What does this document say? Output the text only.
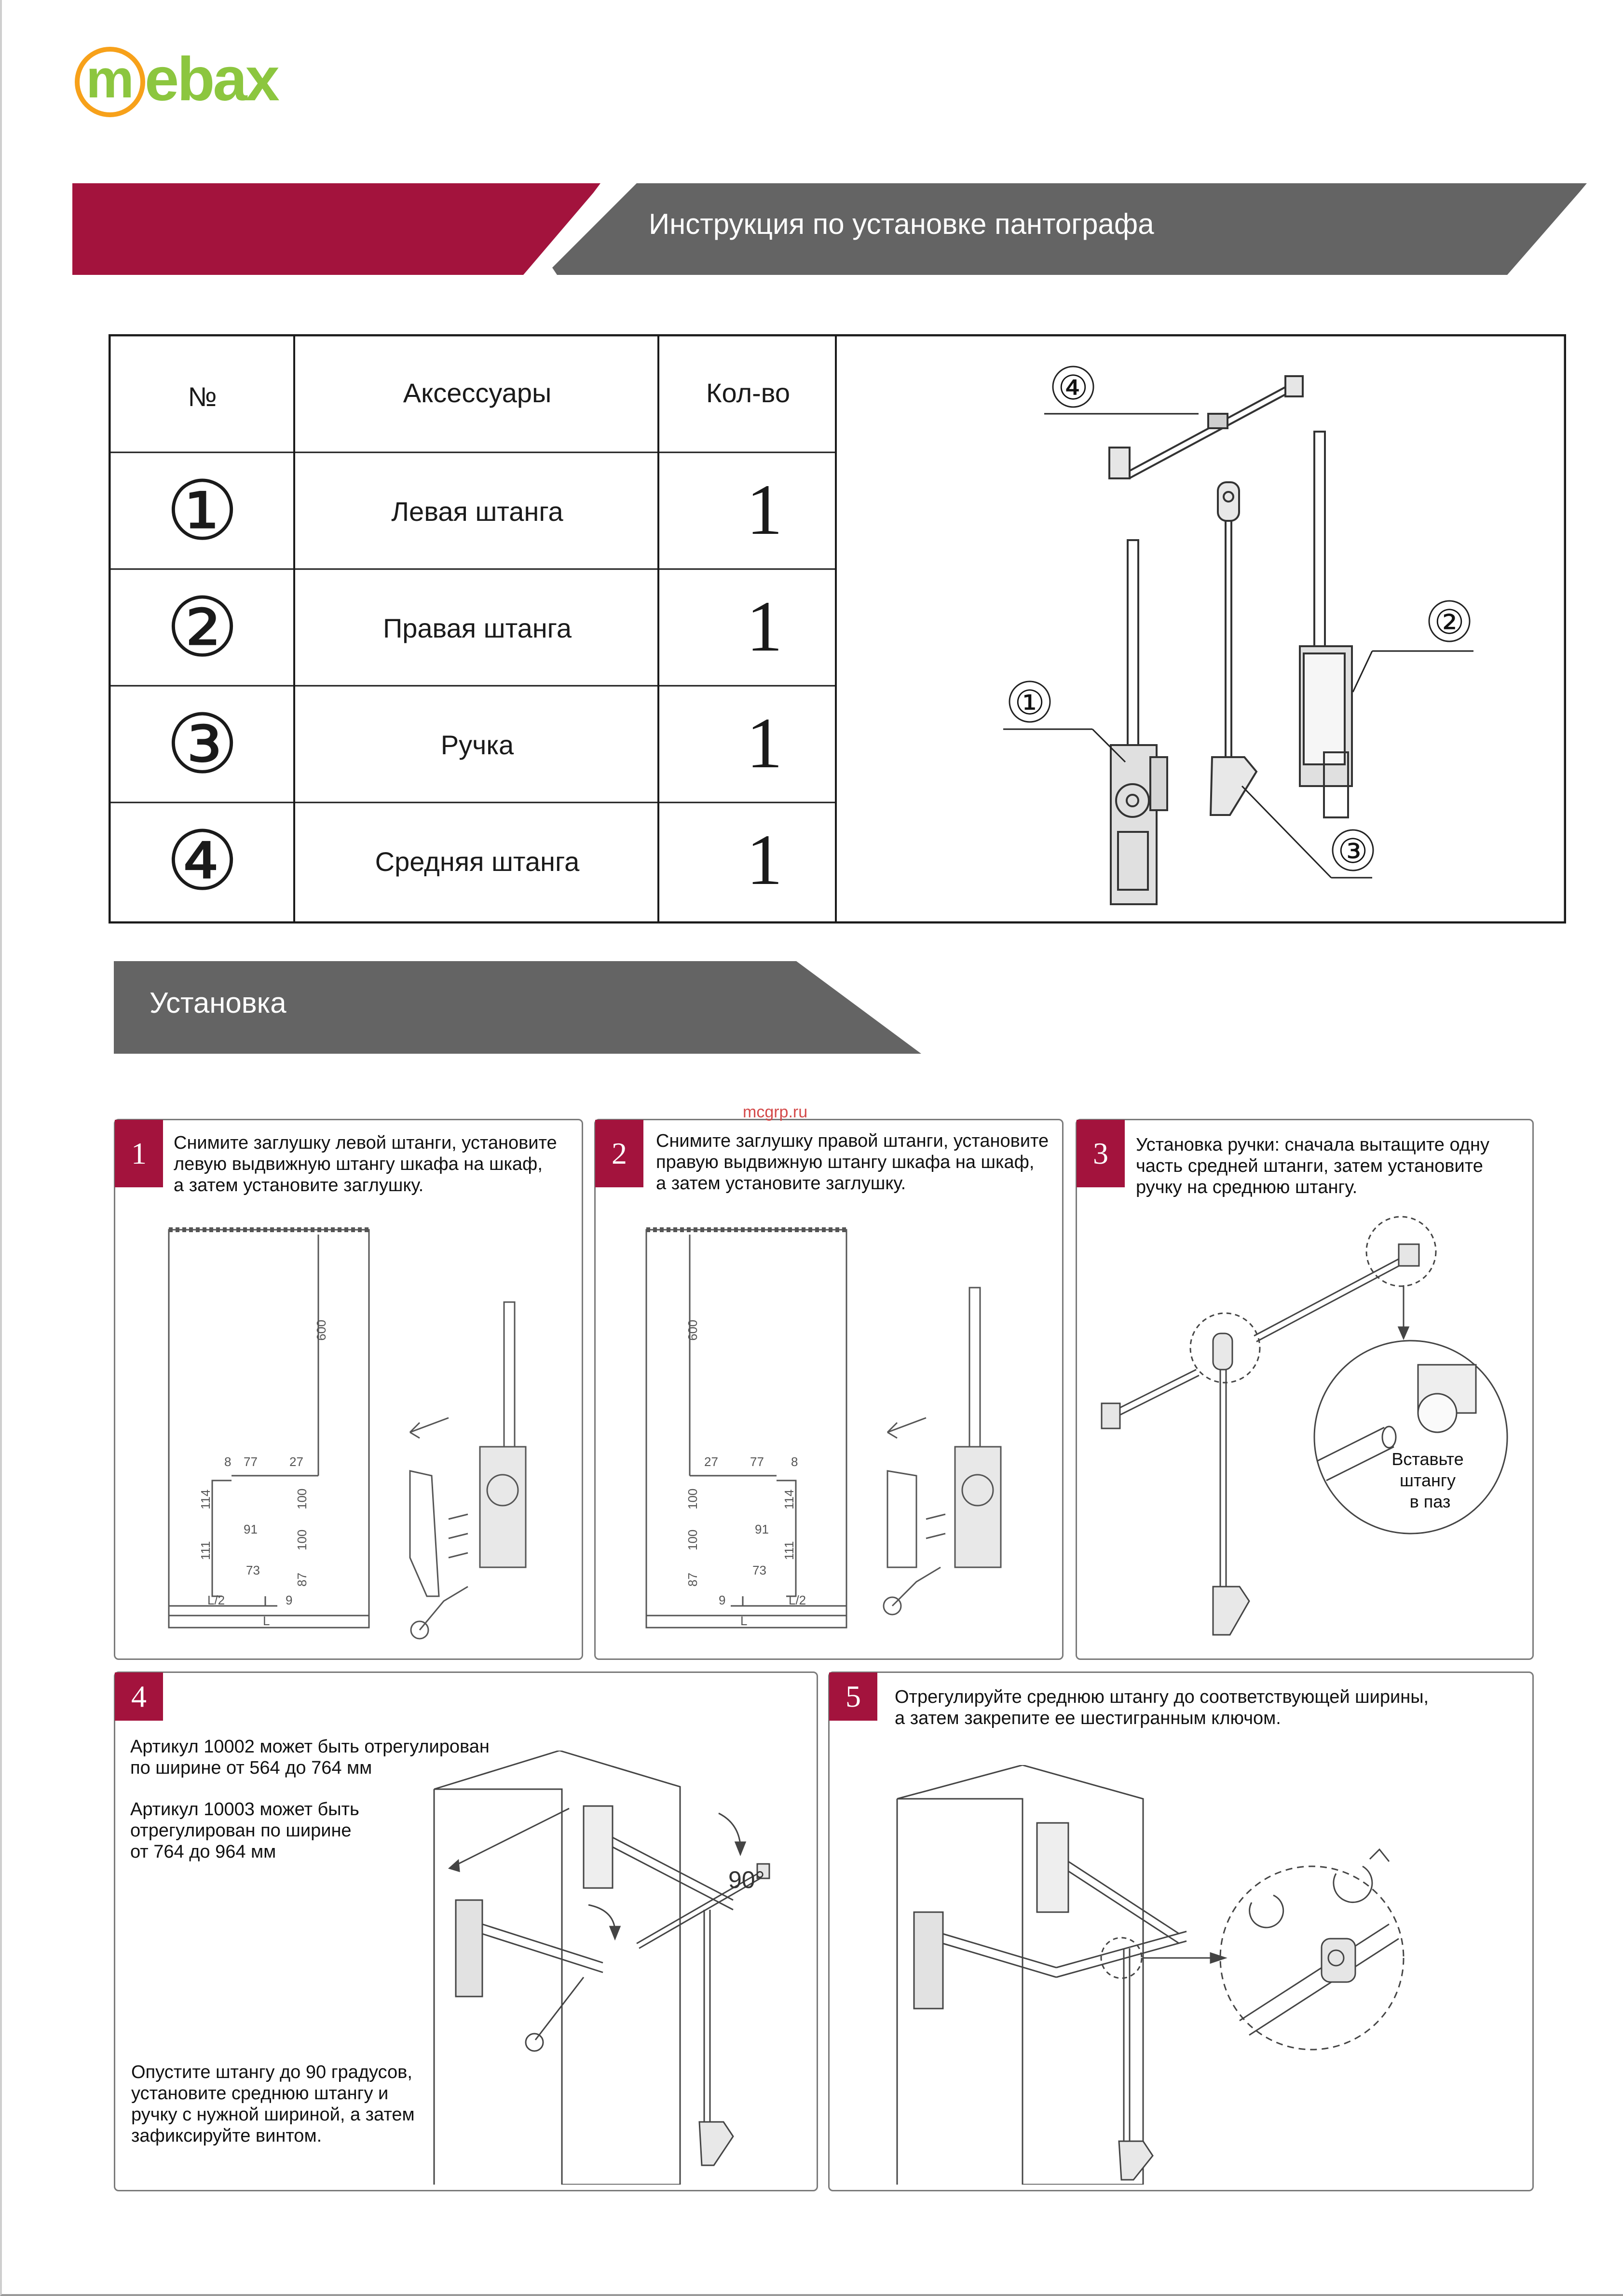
m ebax
Инструкция по установке пантографа
№	Аксессуары	Кол-во
①	Левая штанга	1
②	Правая штанга	1
③	Ручка	1
④	Средняя штанга	1
④
②
①
③
Установка
1	Снимите заглушку левой штанги, установите
левую выдвижную штангу шкафа на шкаф,
а затем установите заглушку.
600
8 77	27
114	100
91
111
100
73
87
9
L/2
L
2	Снимите заглушку правой штанги, установите
правую выдвижную штангу шкафа на шкаф,
а затем установите заглушку.
mcgrp.ru
600
27	77 8
100	114
91
100
111
73
87
9	L/2
L
3	Установка ручки: сначала вытащите одну
часть средней штанги, затем установите
ручку на среднюю штангу.
Вставьте штангу в паз
4
Артикул 10002 может быть отрегулирован
по ширине от 564 до 764 мм
Артикул 10003 может быть
отрегулирован по ширине
от 764 до 964 мм
Опустите штангу до 90 градусов,
установите среднюю штангу и
ручку с нужной шириной, а затем
зафиксируйте винтом.
90°
5	Отрегулируйте среднюю штангу до соответствующей ширины,
а затем закрепите ее шестигранным ключом.
